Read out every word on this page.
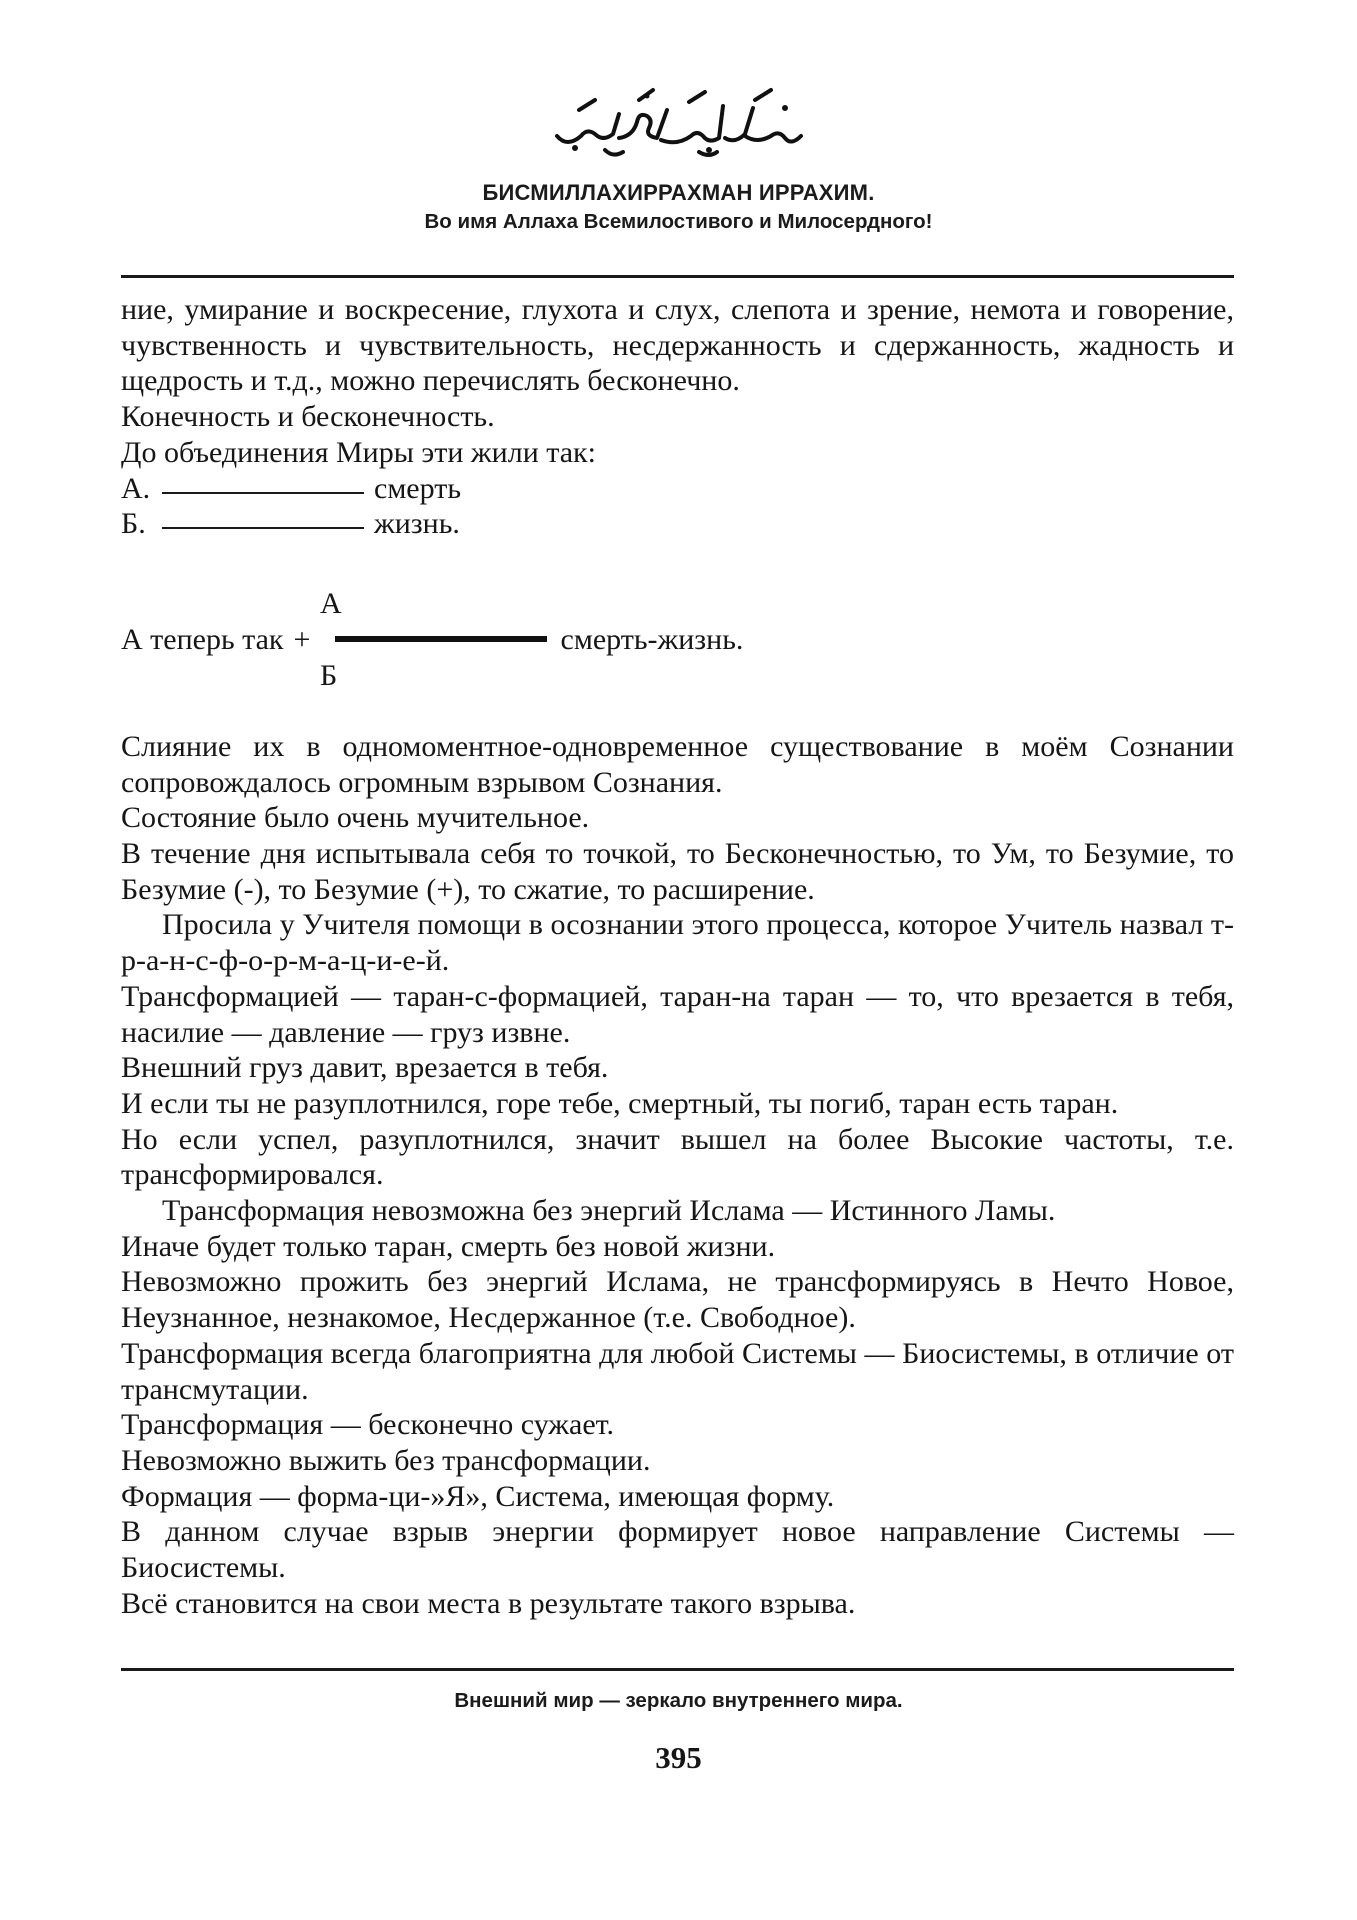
БИСМИЛЛАХИРРАХМАН ИРРАХИМ.
Во имя Аллаха Всемилостивого и Милосердного!

ние, умирание и воскресение, глухота и слух, слепота и зрение, немота и говорение, чувственность и чувствительность, несдержанность и сдержанность, жадность и щедрость и т.д., можно перечислять бесконечно.

Конечность и бесконечность.

До объединения Миры эти жили так:

А.	смерть
Б.	жизнь.
А
А теперь так +	смерть-жизнь.
Б

Слияние их в одномоментное-одновременное существование в моём Сознании сопровождалось огромным взрывом Сознания.

Состояние было очень мучительное.

В течение дня испытывала себя то точкой, то Бесконечностью, то Ум, то Безумие, то Безумие (-), то Безумие (+), то сжатие, то расширение.

Просила у Учителя помощи в осознании этого процесса, которое Учитель назвал т-р-а-н-с-ф-о-р-м-а-ц-и-е-й.

Трансформацией — таран-с-формацией, таран-на таран — то, что врезается в тебя, насилие — давление — груз извне.

Внешний груз давит, врезается в тебя.

И если ты не разуплотнился, горе тебе, смертный, ты погиб, таран есть таран.

Но если успел, разуплотнился, значит вышел на более Высокие частоты, т.е. трансформировался.

Трансформация невозможна без энергий Ислама — Истинного Ламы.

Иначе будет только таран, смерть без новой жизни.

Невозможно прожить без энергий Ислама, не трансформируясь в Нечто Новое, Неузнанное, незнакомое, Несдержанное (т.е. Свободное).

Трансформация всегда благоприятна для любой Системы — Биосистемы, в отличие от трансмутации.

Трансформация — бесконечно сужает.

Невозможно выжить без трансформации.

Формация — форма-ци-»Я», Система, имеющая форму.

В данном случае взрыв энергии формирует новое направление Системы — Биосистемы.

Всё становится на свои места в результате такого взрыва.

Внешний мир — зеркало внутреннего мира.
395
